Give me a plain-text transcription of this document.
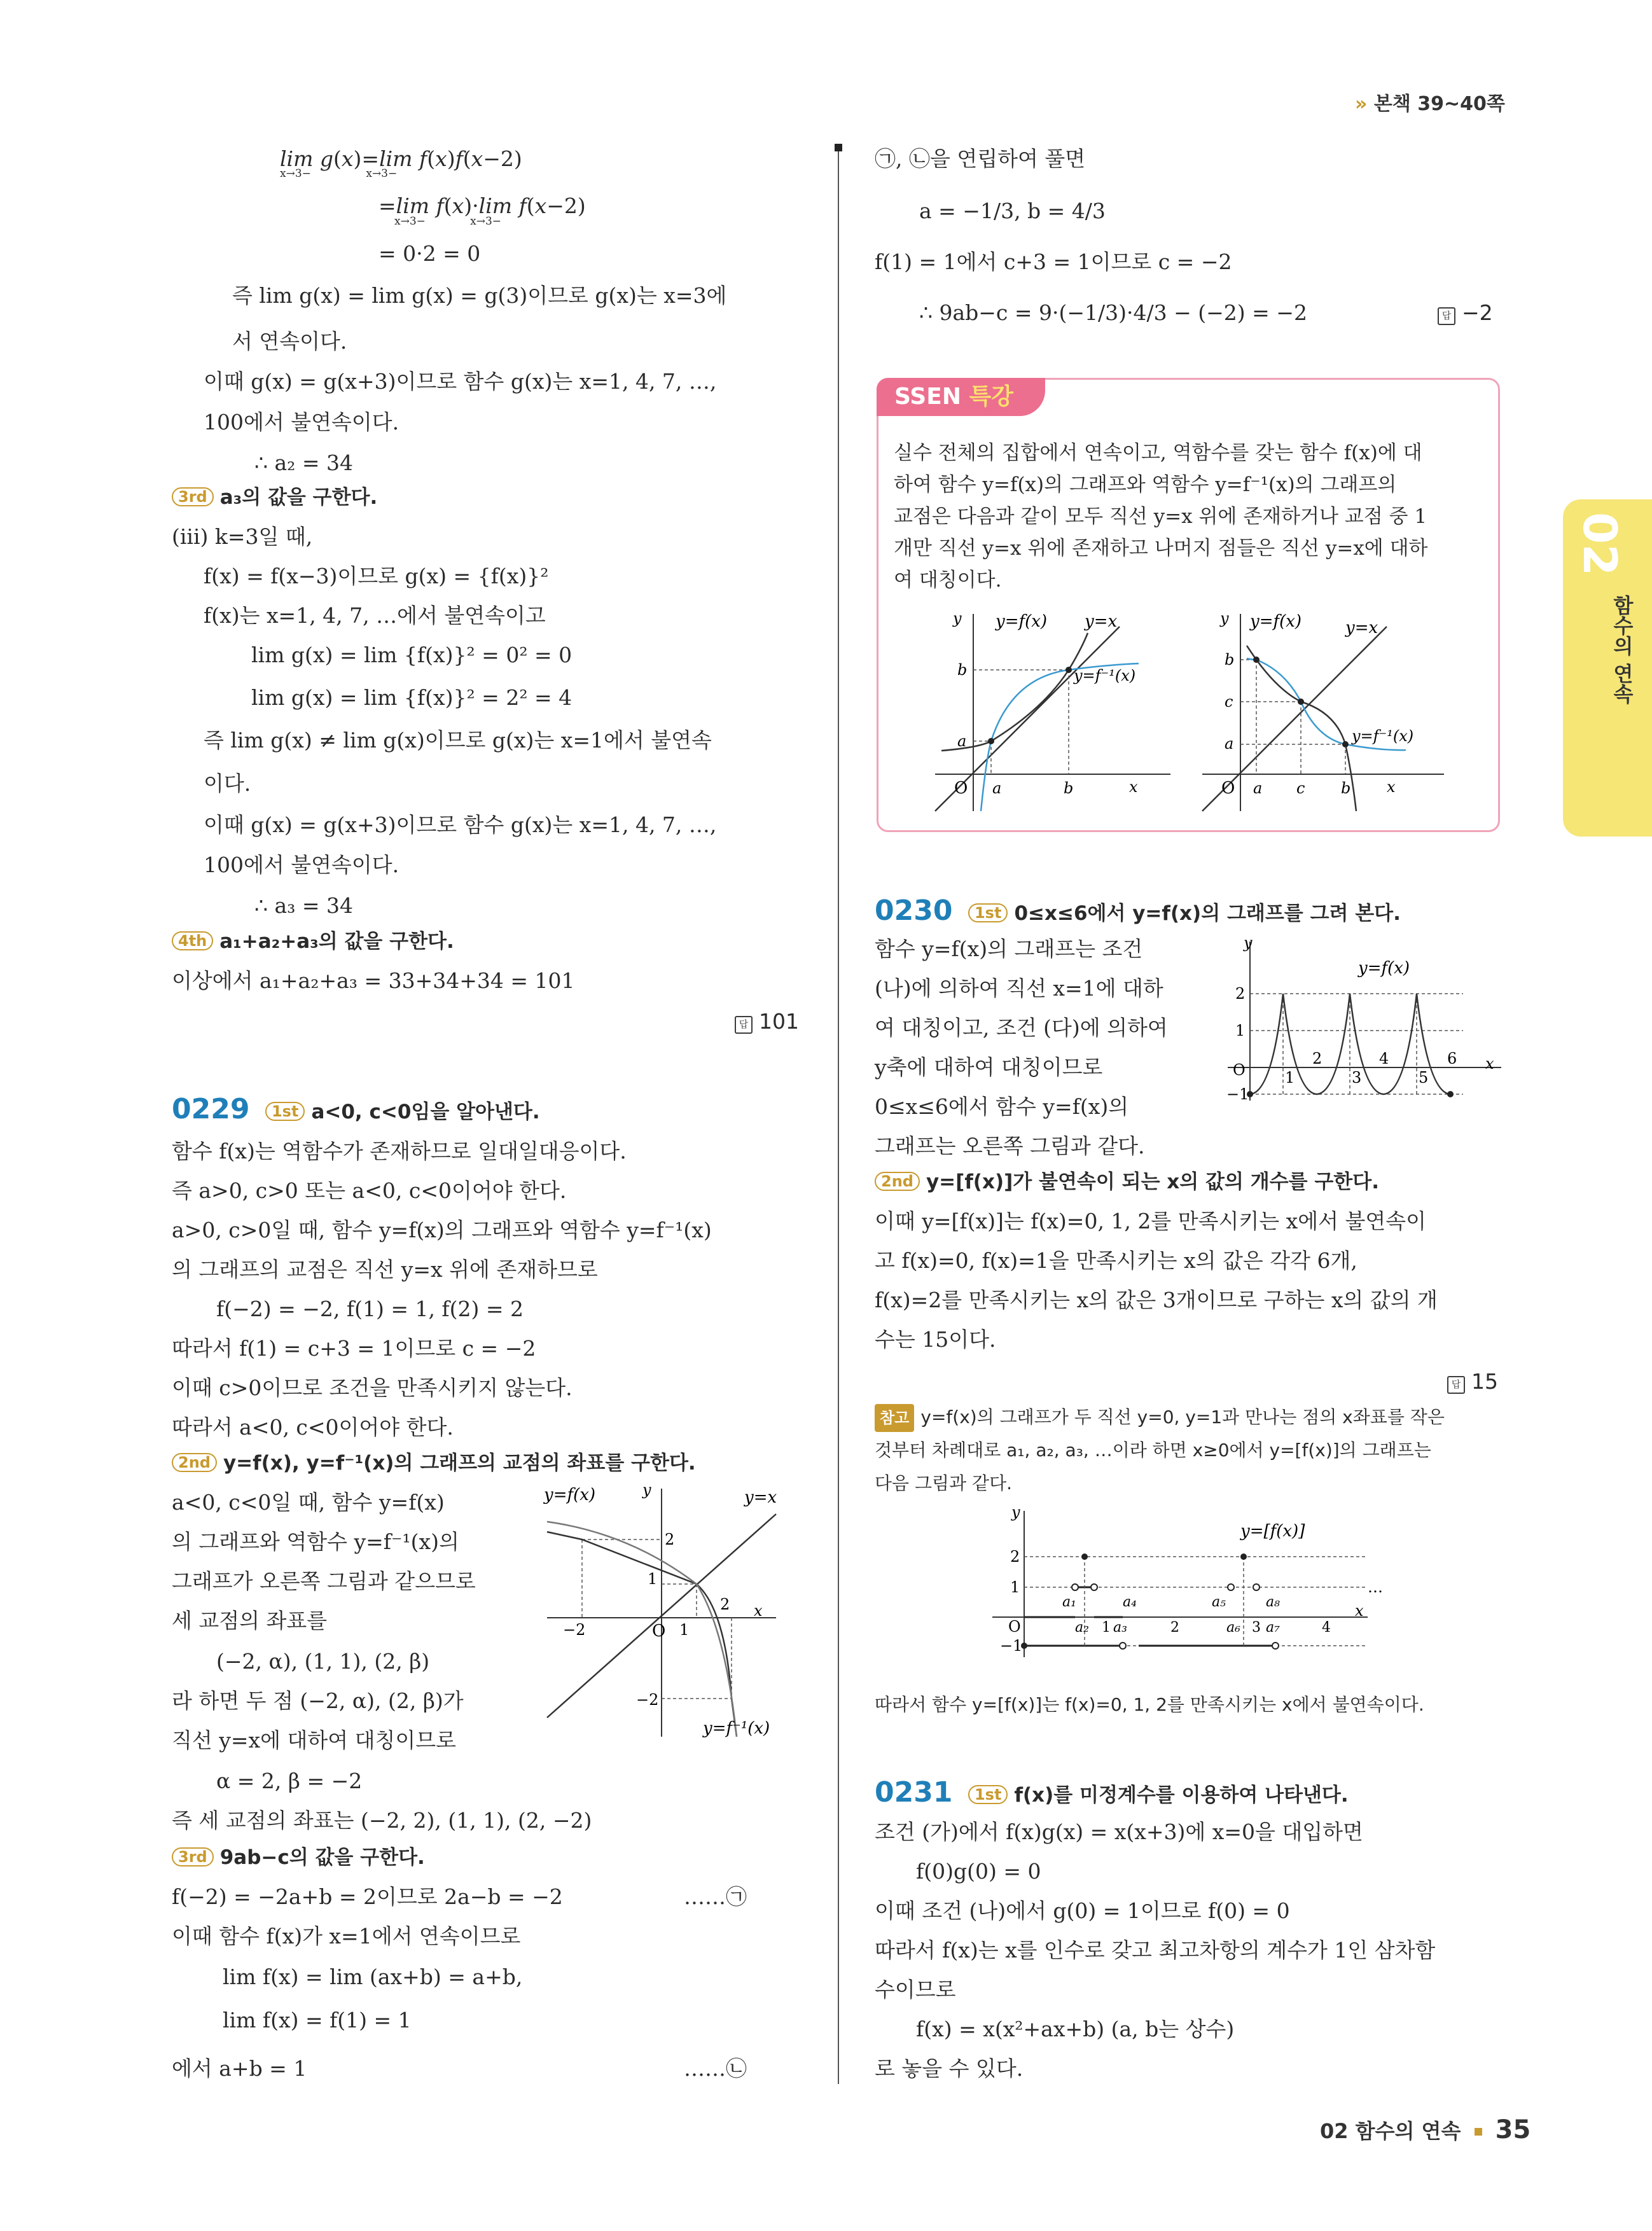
» 본책 39~40쪽
02
함수의 연속
lim g(x)=lim f(x)f(x−2)
x→3−                x→3−
=lim f(x)·lim f(x−2)
x→3−             x→3−
= 0·2 = 0
즉 lim g(x) = lim g(x) = g(3)이므로 g(x)는 x=3에
서 연속이다.
이때 g(x) = g(x+3)이므로 함수 g(x)는 x=1, 4, 7, …,
100에서 불연속이다.
∴ a₂ = 34
3rd a₃의 값을 구한다.
(iii) k=3일 때,
f(x) = f(x−3)이므로 g(x) = {f(x)}²
f(x)는 x=1, 4, 7, …에서 불연속이고
lim g(x) = lim {f(x)}² = 0² = 0
lim g(x) = lim {f(x)}² = 2² = 4
즉 lim g(x) ≠ lim g(x)이므로 g(x)는 x=1에서 불연속
이다.
이때 g(x) = g(x+3)이므로 함수 g(x)는 x=1, 4, 7, …,
100에서 불연속이다.
∴ a₃ = 34
4th a₁+a₂+a₃의 값을 구한다.
이상에서 a₁+a₂+a₃ = 33+34+34 = 101
답 101
0229 1st a<0, c<0임을 알아낸다.
함수 f(x)는 역함수가 존재하므로 일대일대응이다.
즉 a>0, c>0 또는 a<0, c<0이어야 한다.
a>0, c>0일 때, 함수 y=f(x)의 그래프와 역함수 y=f⁻¹(x)
의 그래프의 교점은 직선 y=x 위에 존재하므로
f(−2) = −2, f(1) = 1, f(2) = 2
따라서 f(1) = c+3 = 1이므로 c = −2
이때 c>0이므로 조건을 만족시키지 않는다.
따라서 a<0, c<0이어야 한다.
2nd y=f(x), y=f⁻¹(x)의 그래프의 교점의 좌표를 구한다.
a<0, c<0일 때, 함수 y=f(x)
의 그래프와 역함수 y=f⁻¹(x)의
그래프가 오른쪽 그림과 같으므로
세 교점의 좌표를
(−2, α), (1, 1), (2, β)
라 하면 두 점 (−2, α), (2, β)가
직선 y=x에 대하여 대칭이므로
α = 2, β = −2
즉 세 교점의 좌표는 (−2, 2), (1, 1), (2, −2)
3rd 9ab−c의 값을 구한다.
f(−2) = −2a+b = 2이므로 2a−b = −2	……㉠
이때 함수 f(x)가 x=1에서 연속이므로
lim f(x) = lim (ax+b) = a+b,
lim f(x) = f(1) = 1
에서 a+b = 1	……㉡
y=f(x)	y=x
y
x
O
2
1
−2
1
2
−2
y=f⁻¹(x)
㉠, ㉡을 연립하여 풀면
a = −1/3, b = 4/3
f(1) = 1에서 c+3 = 1이므로 c = −2
∴ 9ab−c = 9·(−1/3)·4/3 − (−2) = −2	답 −2
SSEN 특강
실수 전체의 집합에서 연속이고, 역함수를 갖는 함수 f(x)에 대
하여 함수 y=f(x)의 그래프와 역함수 y=f⁻¹(x)의 그래프의
교점은 다음과 같이 모두 직선 y=x 위에 존재하거나 교점 중 1
개만 직선 y=x 위에 존재하고 나머지 점들은 직선 y=x에 대하
여 대칭이다.
y=f(x) y=x
y=f⁻¹(x)
y
x
O a	b
a
b
y=f(x)	y=x
y=f⁻¹(x)
y
x
O a c b
b
c
a
0230 1st 0≤x≤6에서 y=f(x)의 그래프를 그려 본다.
함수 y=f(x)의 그래프는 조건
(나)에 의하여 직선 x=1에 대하
여 대칭이고, 조건 (다)에 의하여
y축에 대하여 대칭이므로
0≤x≤6에서 함수 y=f(x)의
그래프는 오른쪽 그림과 같다.
y=f(x)
y
x
O
2
1
−1
1
2
3
4
5
6
2nd y=[f(x)]가 불연속이 되는 x의 값의 개수를 구한다.
이때 y=[f(x)]는 f(x)=0, 1, 2를 만족시키는 x에서 불연속이
고 f(x)=0, f(x)=1을 만족시키는 x의 값은 각각 6개,
f(x)=2를 만족시키는 x의 값은 3개이므로 구하는 x의 값의 개
수는 15이다.
답 15
참고 y=f(x)의 그래프가 두 직선 y=0, y=1과 만나는 점의 x좌표를 작은
것부터 차례대로 a₁, a₂, a₃, …이라 하면 x≥0에서 y=[f(x)]의 그래프는
다음 그림과 같다.
y=[f(x)]
y
x
O
2
1
−1
1	2	3	4
a₁
a₂ a₃
a₄	a₅
a₆ a₇
a₈
…
따라서 함수 y=[f(x)]는 f(x)=0, 1, 2를 만족시키는 x에서 불연속이다.
0231 1st f(x)를 미정계수를 이용하여 나타낸다.
조건 (가)에서 f(x)g(x) = x(x+3)에 x=0을 대입하면
f(0)g(0) = 0
이때 조건 (나)에서 g(0) = 1이므로 f(0) = 0
따라서 f(x)는 x를 인수로 갖고 최고차항의 계수가 1인 삼차함
수이므로
f(x) = x(x²+ax+b) (a, b는 상수)
로 놓을 수 있다.
02 함수의 연속 35
